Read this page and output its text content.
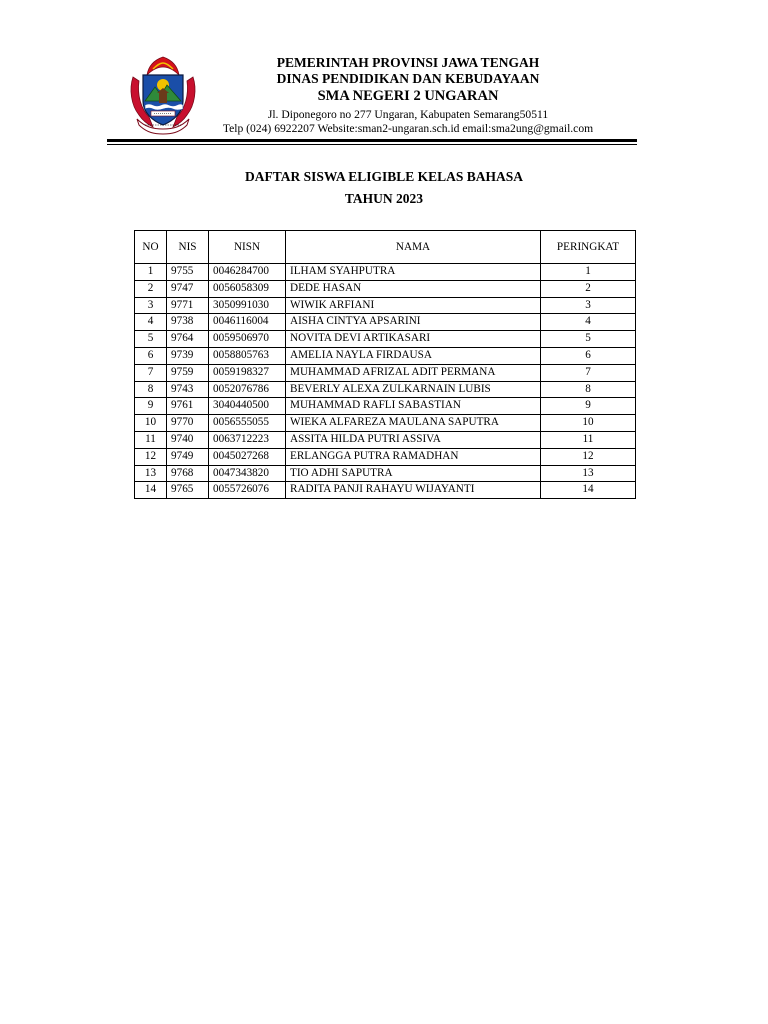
PEMERINTAH PROVINSI JAWA TENGAH
DINAS PENDIDIKAN DAN KEBUDAYAAN
SMA NEGERI 2 UNGARAN
Jl. Diponegoro no 277 Ungaran, Kabupaten Semarang50511
Telp (024) 6922207 Website:sman2-ungaran.sch.id email:sma2ung@gmail.com
DAFTAR SISWA ELIGIBLE KELAS BAHASA
TAHUN 2023
NO	NIS	NISN	NAMA	PERINGKAT
1	9755	0046284700	ILHAM SYAHPUTRA	1
2	9747	0056058309	DEDE HASAN	2
3	9771	3050991030	WIWIK ARFIANI	3
4	9738	0046116004	AISHA CINTYA APSARINI	4
5	9764	0059506970	NOVITA DEVI ARTIKASARI	5
6	9739	0058805763	AMELIA NAYLA FIRDAUSA	6
7	9759	0059198327	MUHAMMAD AFRIZAL ADIT PERMANA	7
8	9743	0052076786	BEVERLY ALEXA ZULKARNAIN LUBIS	8
9	9761	3040440500	MUHAMMAD RAFLI SABASTIAN	9
10	9770	0056555055	WIEKA ALFAREZA MAULANA SAPUTRA	10
11	9740	0063712223	ASSITA HILDA PUTRI ASSIVA	11
12	9749	0045027268	ERLANGGA PUTRA RAMADHAN	12
13	9768	0047343820	TIO ADHI SAPUTRA	13
14	9765	0055726076	RADITA PANJI RAHAYU WIJAYANTI	14
